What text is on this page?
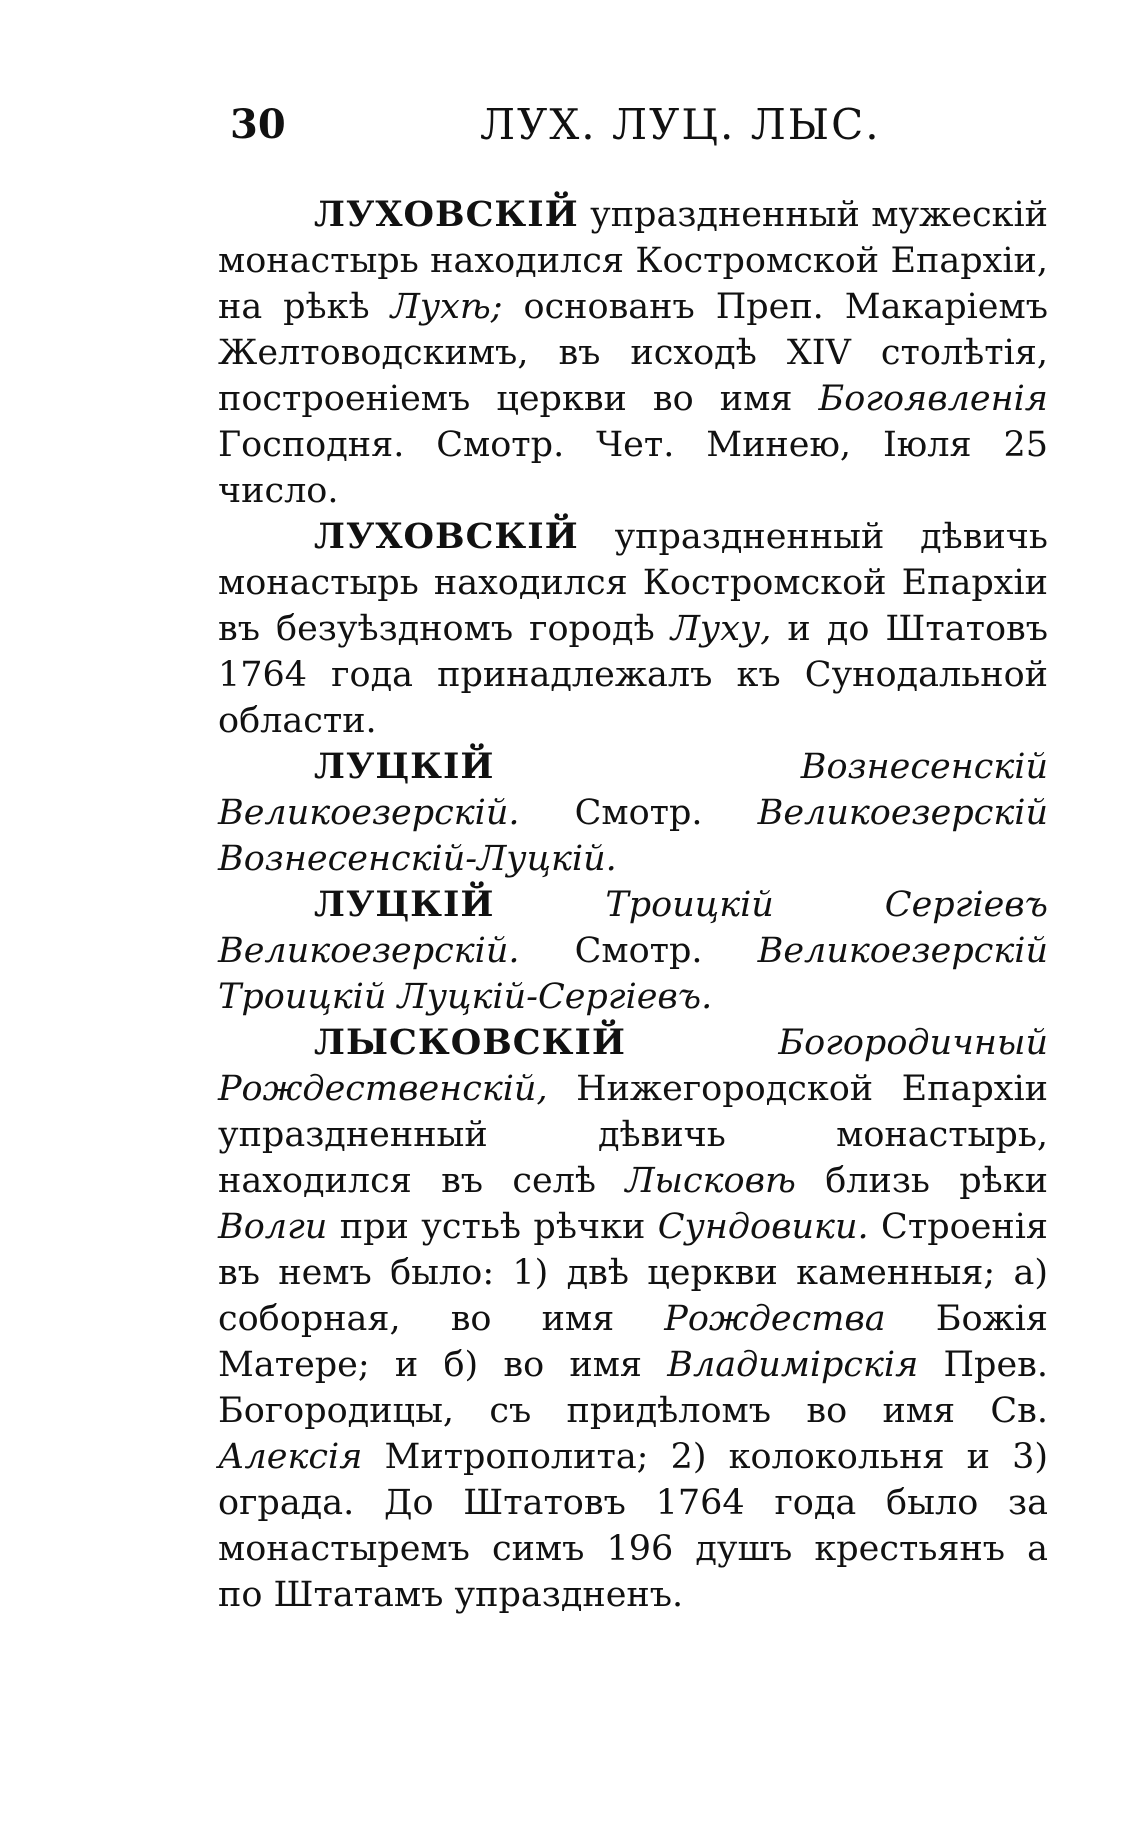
30	ЛУХ. ЛУЦ. ЛЫС.

ЛУХОВСКІЙ упраздненный мужескій монастырь находился Костромской Епархіи, на рѣкѣ Лухѣ; основанъ Преп. Макаріемъ Желтоводскимъ, въ исходѣ XIV столѣтія, построеніемъ церкви во имя Богоявленія Господня. Смотр. Чет. Минею, Іюля 25 число.

ЛУХОВСКІЙ упраздненный дѣвичь монастырь находился Костромской Епархіи въ безуѣздномъ городѣ Луху, и до Штатовъ 1764 года принадлежалъ къ Сунодальной области.

ЛУЦКІЙ	Вознесенскій Великоезерскій. Смотр. Великоезерскій Вознесенскій-Луцкій.

ЛУЦКІЙ	Троицкій Сергіевъ Великоезерскій. Смотр. Великоезерскій Троицкій Луцкій-Сергіевъ.

ЛЫСКОВСКІЙ	Богородичный Рождественскій, Нижегородской Епархіи упраздненный дѣвичь монастырь, находился въ селѣ Лысковѣ близь рѣки Волги при устьѣ рѣчки Сундовики. Строенія въ немъ было: 1) двѣ церкви каменныя; а) соборная, во имя Рождества Божія Матере; и б) во имя Владимірскія Прев. Богородицы, съ придѣломъ во имя Св. Алексія Митрополита; 2) колокольня и 3) ограда. До Штатовъ 1764 года было за монастыремъ симъ 196 душъ крестьянъ а по Штатамъ упраздненъ.
